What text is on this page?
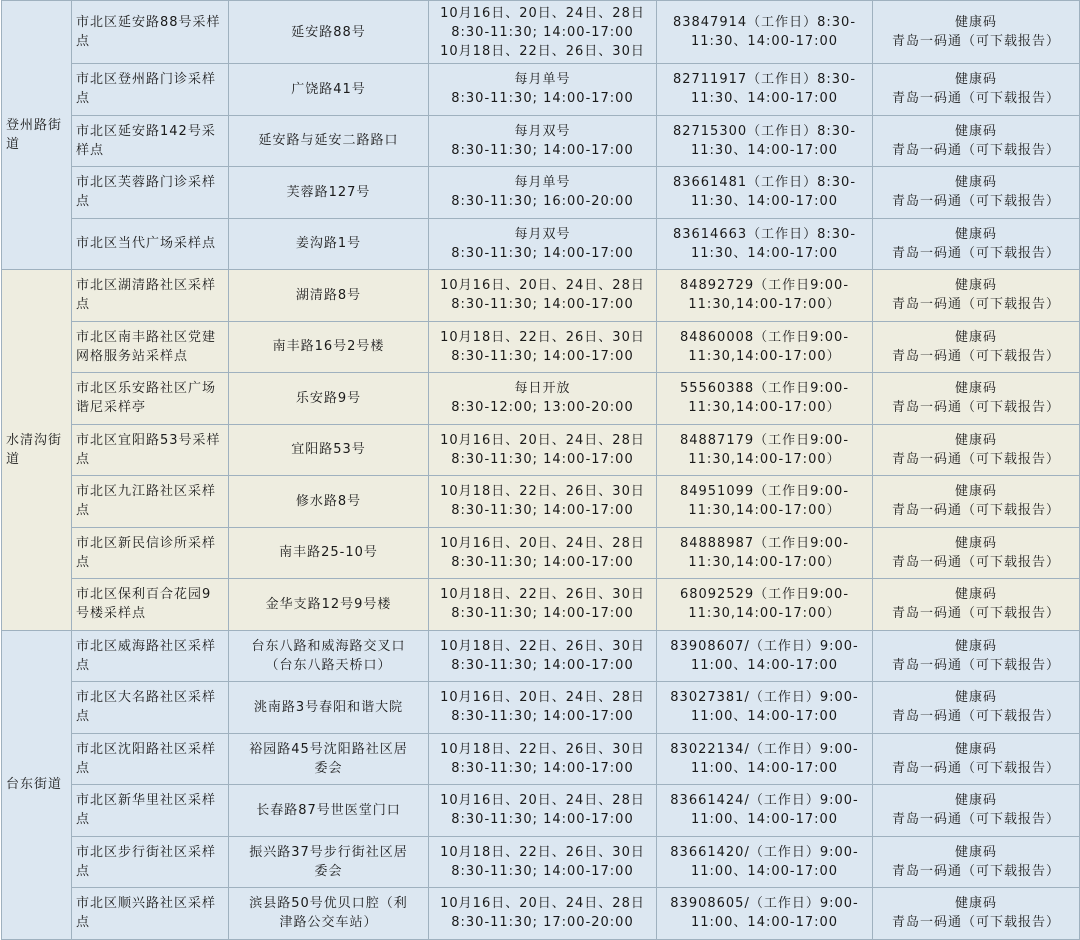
登州路街
道	市北区延安路88号采样
点	延安路88号	10月16日、20日、24日、28日
8:30-11:30; 14:00-17:00
10月18日、22日、26日、30日	83847914（工作日）8:30-
11:30、14:00-17:00	健康码
青岛一码通（可下载报告）

	市北区登州路门诊采样
点	广饶路41号	每月单号
8:30-11:30; 14:00-17:00	82711917（工作日）8:30-
11:30、14:00-17:00	健康码
青岛一码通（可下载报告）

	市北区延安路142号采
样点	延安路与延安二路路口	每月双号
8:30-11:30; 14:00-17:00	82715300（工作日）8:30-
11:30、14:00-17:00	健康码
青岛一码通（可下载报告）

	市北区芙蓉路门诊采样
点	芙蓉路127号	每月单号
8:30-11:30; 16:00-20:00	83661481（工作日）8:30-
11:30、14:00-17:00	健康码
青岛一码通（可下载报告）

	市北区当代广场采样点	姜沟路1号	每月双号
8:30-11:30; 14:00-17:00	83614663（工作日）8:30-
11:30、14:00-17:00	健康码
青岛一码通（可下载报告）

水清沟街
道	市北区湖清路社区采样
点	湖清路8号	10月16日、20日、24日、28日
8:30-11:30; 14:00-17:00	84892729（工作日9:00-
11:30,14:00-17:00）	健康码
青岛一码通（可下载报告）

	市北区南丰路社区党建
网格服务站采样点	南丰路16号2号楼	10月18日、22日、26日、30日
8:30-11:30; 14:00-17:00	84860008（工作日9:00-
11:30,14:00-17:00）	健康码
青岛一码通（可下载报告）

	市北区乐安路社区广场
谐尼采样亭	乐安路9号	每日开放
8:30-12:00; 13:00-20:00	55560388（工作日9:00-
11:30,14:00-17:00）	健康码
青岛一码通（可下载报告）

	市北区宜阳路53号采样
点	宜阳路53号	10月16日、20日、24日、28日
8:30-11:30; 14:00-17:00	84887179（工作日9:00-
11:30,14:00-17:00）	健康码
青岛一码通（可下载报告）

	市北区九江路社区采样
点	修水路8号	10月18日、22日、26日、30日
8:30-11:30; 14:00-17:00	84951099（工作日9:00-
11:30,14:00-17:00）	健康码
青岛一码通（可下载报告）

	市北区新民信诊所采样
点	南丰路25-10号	10月16日、20日、24日、28日
8:30-11:30; 14:00-17:00	84888987（工作日9:00-
11:30,14:00-17:00）	健康码
青岛一码通（可下载报告）

	市北区保利百合花园9
号楼采样点	金华支路12号9号楼	10月18日、22日、26日、30日
8:30-11:30; 14:00-17:00	68092529（工作日9:00-
11:30,14:00-17:00）	健康码
青岛一码通（可下载报告）

台东街道	市北区威海路社区采样
点	台东八路和威海路交叉口
（台东八路天桥口）	10月18日、22日、26日、30日
8:30-11:30; 14:00-17:00	83908607/（工作日）9:00-
11:00、14:00-17:00	健康码
青岛一码通（可下载报告）

	市北区大名路社区采样
点	洮南路3号春阳和谐大院	10月16日、20日、24日、28日
8:30-11:30; 14:00-17:00	83027381/（工作日）9:00-
11:00、14:00-17:00	健康码
青岛一码通（可下载报告）

	市北区沈阳路社区采样
点	裕园路45号沈阳路社区居
委会	10月18日、22日、26日、30日
8:30-11:30; 14:00-17:00	83022134/（工作日）9:00-
11:00、14:00-17:00	健康码
青岛一码通（可下载报告）

	市北区新华里社区采样
点	长春路87号世医堂门口	10月16日、20日、24日、28日
8:30-11:30; 14:00-17:00	83661424/（工作日）9:00-
11:00、14:00-17:00	健康码
青岛一码通（可下载报告）

	市北区步行街社区采样
点	振兴路37号步行街社区居
委会	10月18日、22日、26日、30日
8:30-11:30; 14:00-17:00	83661420/（工作日）9:00-
11:00、14:00-17:00	健康码
青岛一码通（可下载报告）

	市北区顺兴路社区采样
点	滨县路50号优贝口腔（利
津路公交车站）	10月16日、20日、24日、28日
8:30-11:30; 17:00-20:00	83908605/（工作日）9:00-
11:00、14:00-17:00	健康码
青岛一码通（可下载报告）
